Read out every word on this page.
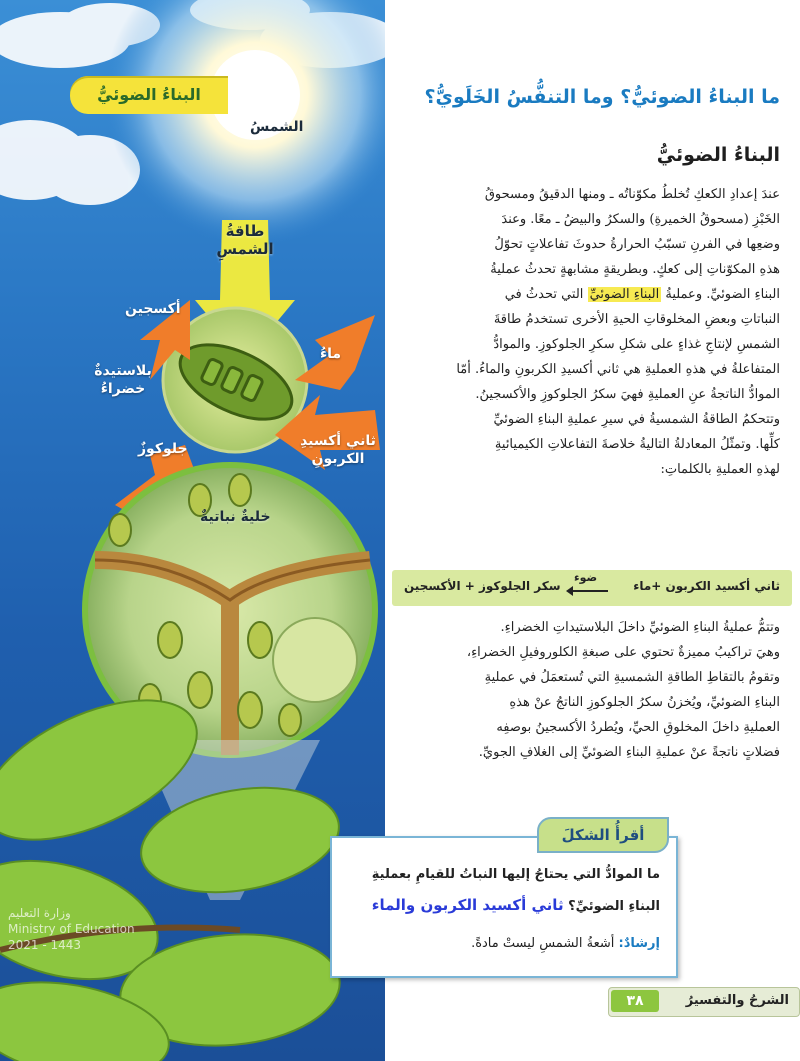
البناءُ الضوئيُّ
الشمسُ
طاقةُ
الشمسِ
أكسجين
ماءُ
بلاستيدةٌ
خضراءُ
ثاني أكسيدِ
الكربونِ
جلوكوزٌ
خليةٌ نباتيةٌ
وزارة التعليم
Ministry of Education
2021 - 1443
ما البناءُ الضوئيُّ؟ وما التنفُّسُ الخَلَويُّ؟
البناءُ الضوئيُّ
عندَ إعدادِ الكعكِ تُخلطُ مكوّناتُه ـ ومنها الدقيقُ ومسحوقُ
الخَبْزِ (مسحوقُ الخميرةِ) والسكرُ والبيضُ ـ معًا. وعندَ
وضعِها في الفرنِ تسبّبُ الحرارةُ حدوثَ تفاعلاتٍ تحوّلُ
هذهِ المكوّناتِ إلى كعكٍ. وبطريقةٍ مشابهةٍ تحدثُ عمليةُ
البناءِ الضوئيِّ. وعمليةُ البناءِ الضوئيِّ التي تحدثُ في
النباتاتِ وبعضِ المخلوقاتِ الحيةِ الأخرى تستخدمُ طاقةَ
الشمسِ لإنتاجِ غذاءٍ على شكلِ سكرِ الجلوكوزِ. والموادُّ
المتفاعلةُ في هذهِ العمليةِ هي ثاني أكسيدِ الكربونِ والماءُ. أمّا
الموادُّ الناتجةُ عنِ العمليةِ فهيَ سكرُ الجلوكوزِ والأكسجينُ.
وتتحكمُ الطاقةُ الشمسيةُ في سيرِ عمليةِ البناءِ الضوئيِّ
كلِّها. وتمثّلُ المعادلةُ التاليةُ خلاصةَ التفاعلاتِ الكيميائيةِ
لهذهِ العمليةِ بالكلماتِ:
ثاني أكسيد الكربون +ماء
ضوء
سكر الجلوكوز + الأكسجين
وتتمُّ عمليةُ البناءِ الضوئيِّ داخلَ البلاستيداتِ الخضراءِ.
وهيَ تراكيبُ مميزةٌ تحتوي على صبغةِ الكلوروفيلِ الخضراءِ،
وتقومُ بالتقاطِ الطاقةِ الشمسيةِ التي تُستعمَلُ في عمليةِ
البناءِ الضوئيِّ، ويُخزنُ سكرُ الجلوكوزِ الناتجُ عنْ هذهِ
العمليةِ داخلَ المخلوقِ الحيِّ، ويُطردُ الأكسجينُ بوصفِه
فضلاتٍ ناتجةً عنْ عمليةِ البناءِ الضوئيِّ إلى الغلافِ الجويِّ.
ما الموادُّ التي يحتاجُ إليها النباتُ للقيامِ بعمليةِ
البناءِ الضوئيِّ؟ ثاني أكسيد الكربون والماء
إرشادٌ: أشعةُ الشمسِ ليستْ مادةً.
أقرأُ الشكلَ
الشرحُ والتفسيرُ
٣٨
